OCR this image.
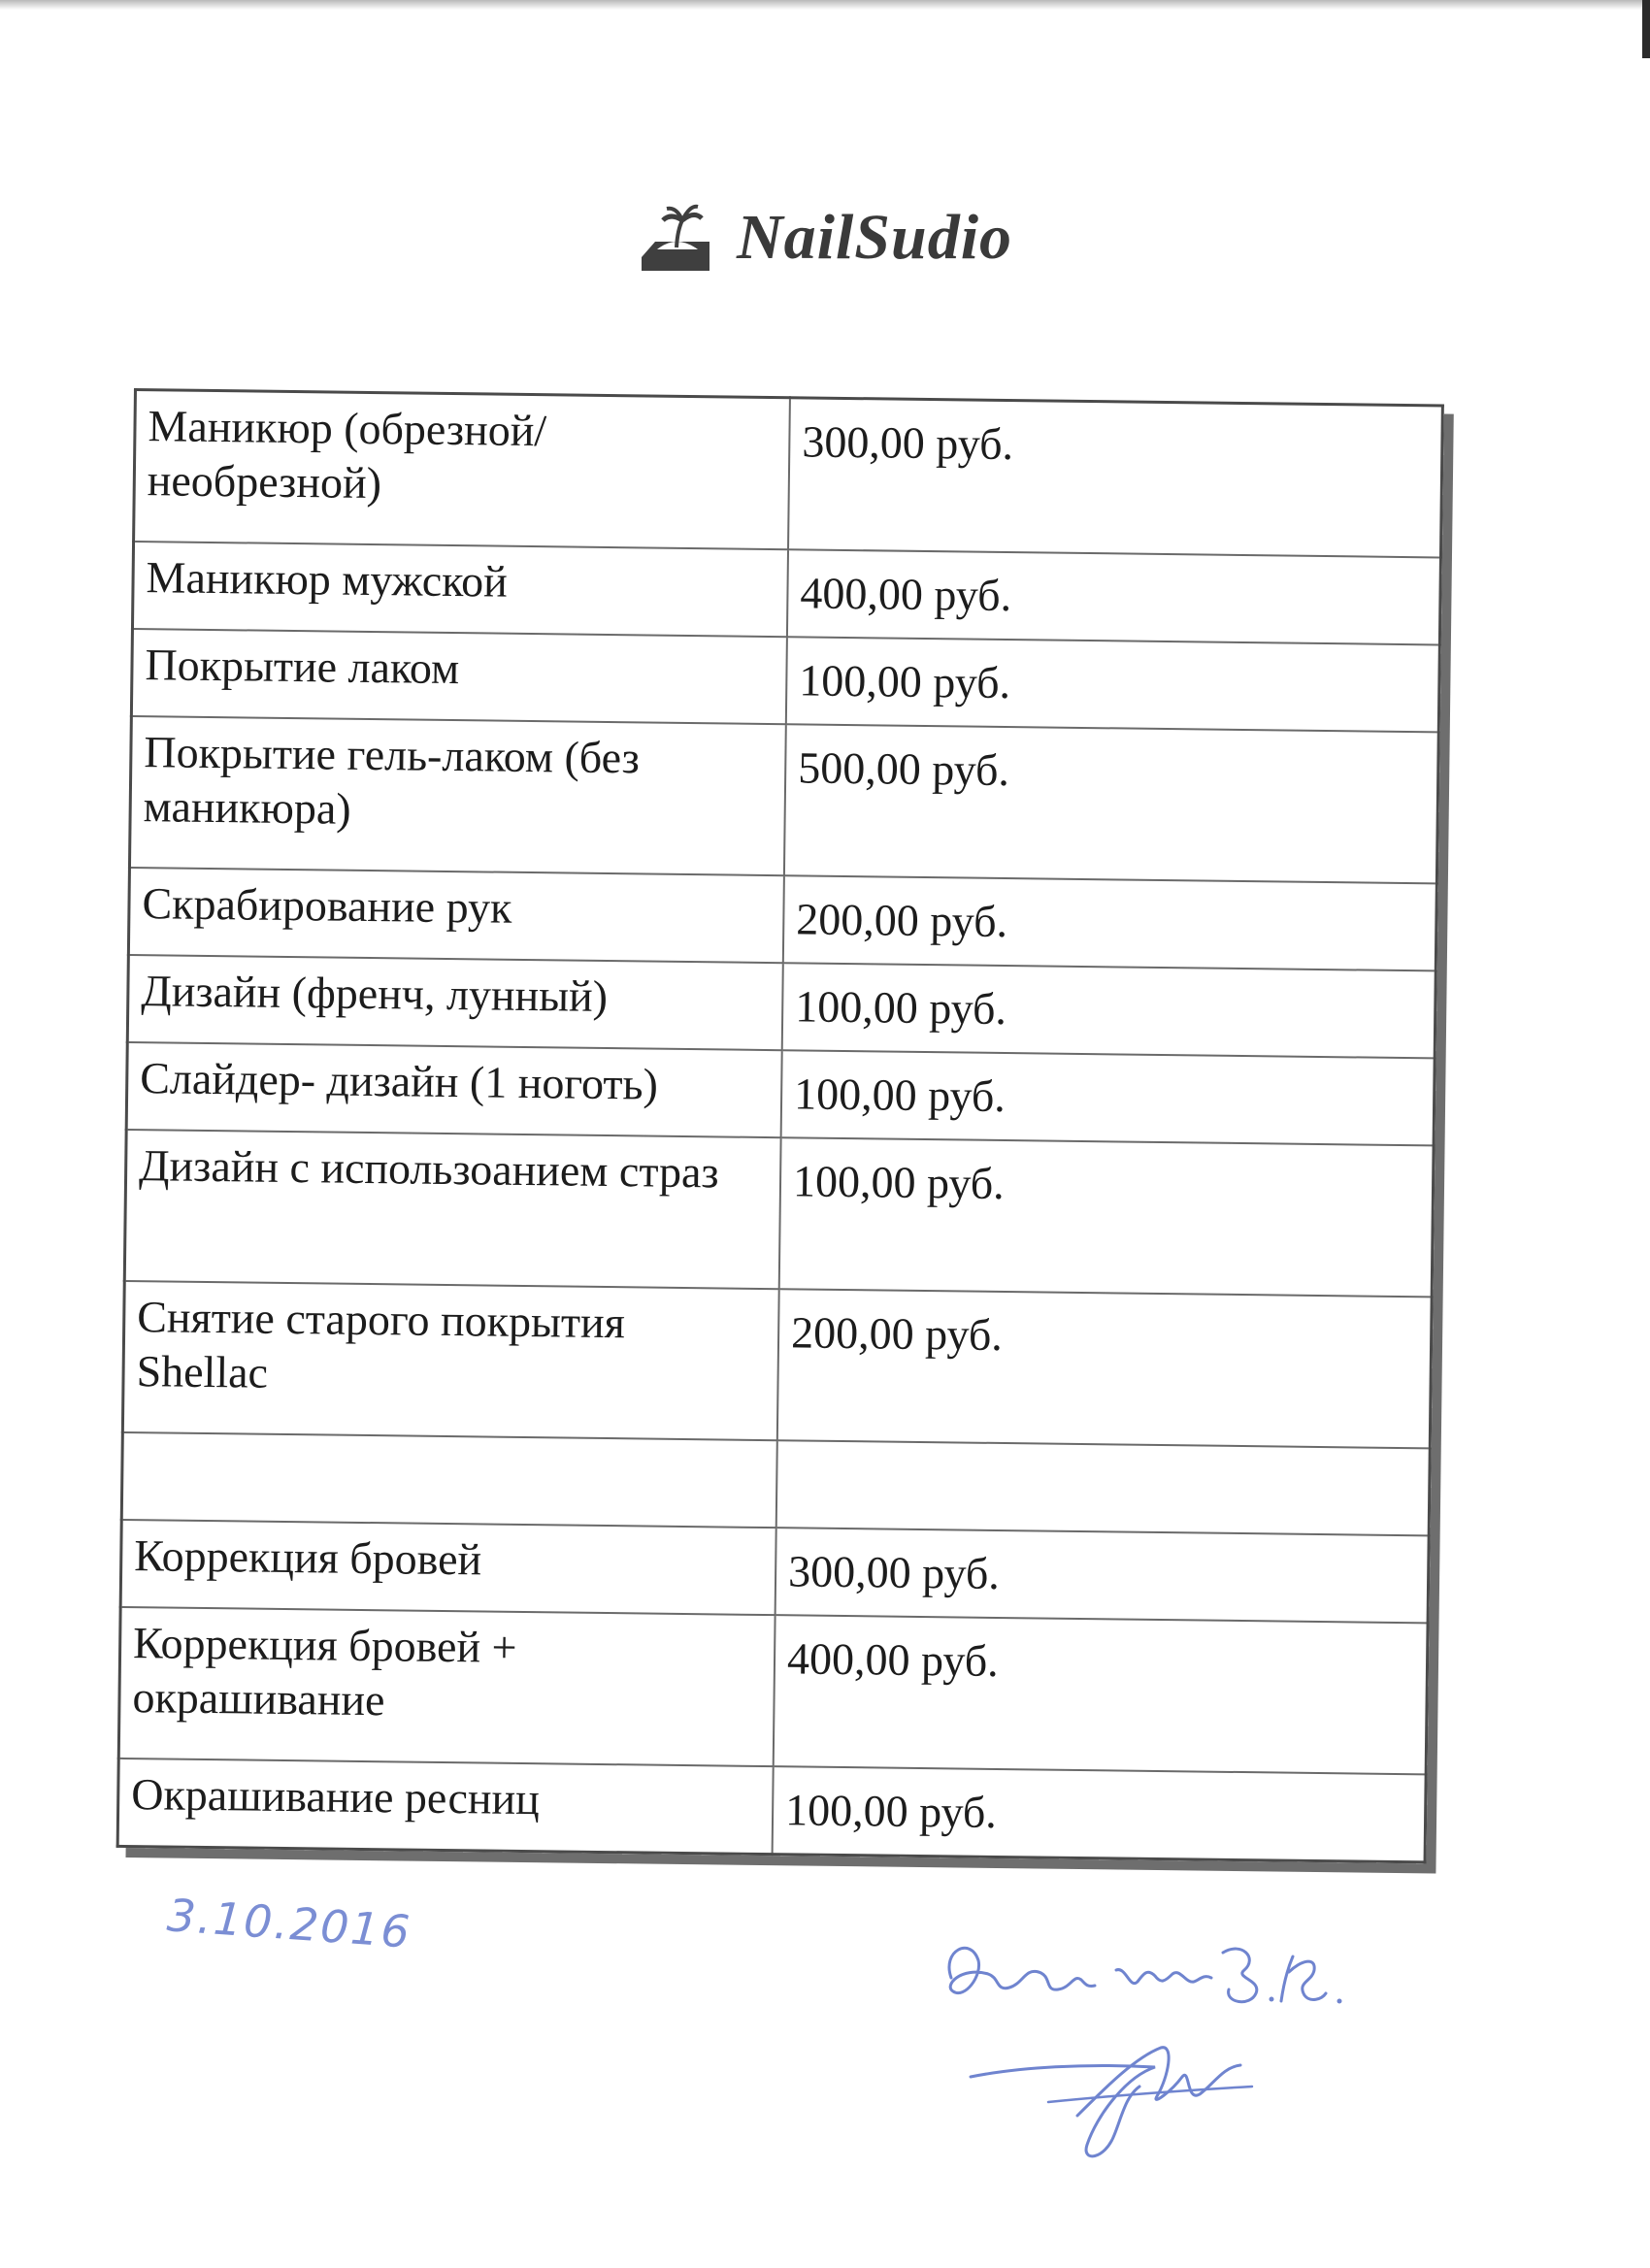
NailSudio
Маникюр (обрезной/необрезной)	300,00 руб.
Маникюр мужской	400,00 руб.
Покрытие лаком	100,00 руб.
Покрытие гель-лаком (без маникюра)	500,00 руб.
Скрабирование рук	200,00 руб.
Дизайн (френч, лунный)	100,00 руб.
Слайдер- дизайн (1 ноготь)	100,00 руб.
Дизайн с использоанием страз	100,00 руб.
Снятие старого покрытия Shellac	200,00 руб.

Коррекция бровей	300,00 руб.
Коррекция бровей + окрашивание	400,00 руб.
Окрашивание ресниц	100,00 руб.
3.10.2016
